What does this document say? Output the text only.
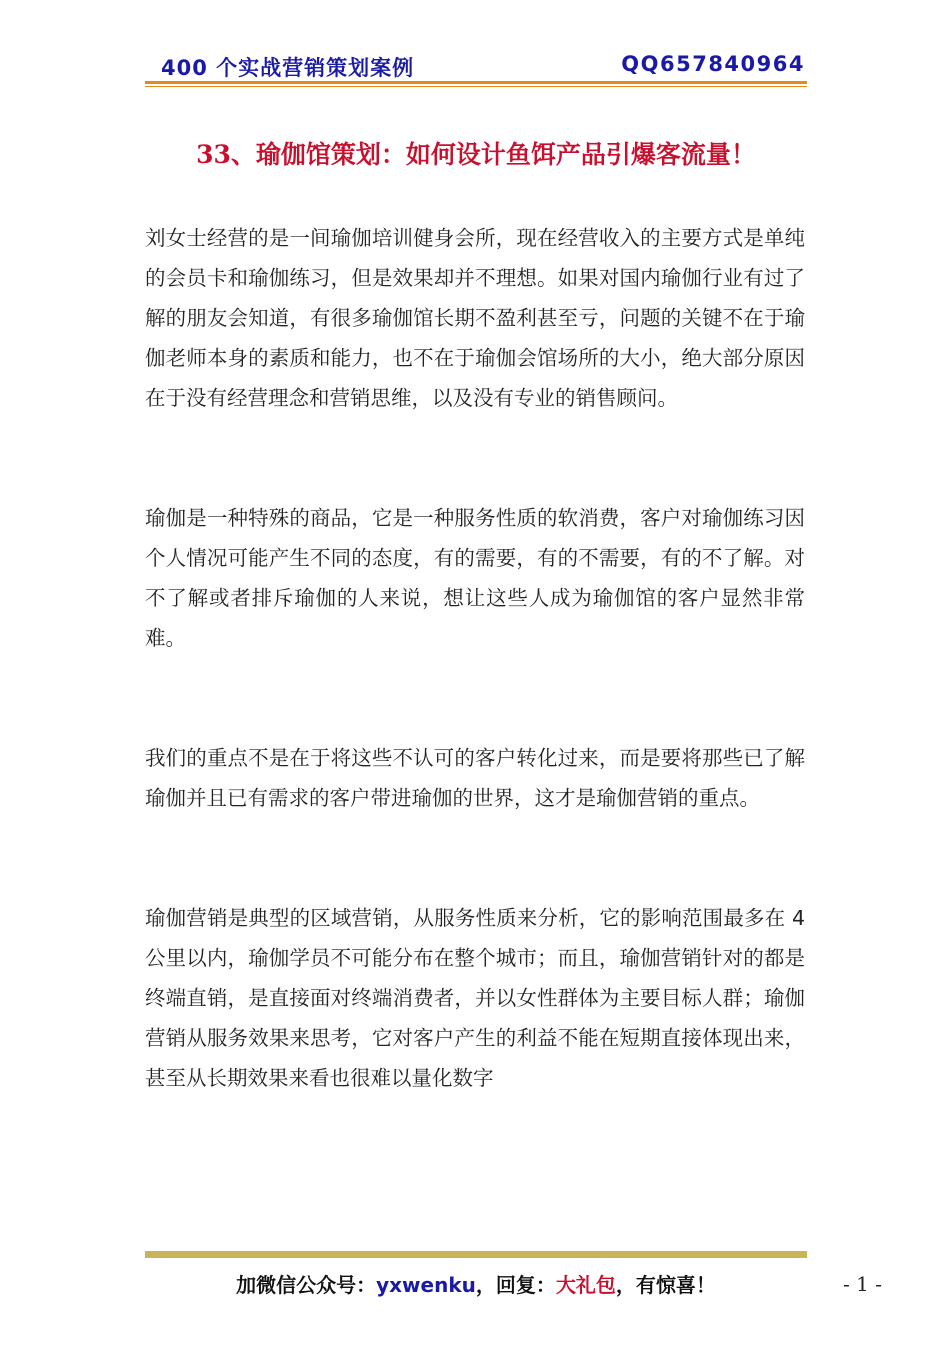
400 个实战营销策划案例	QQ657840964
33、瑜伽馆策划：如何设计鱼饵产品引爆客流量！

刘女士经营的是一间瑜伽培训健身会所，现在经营收入的主要方式是单纯的会员卡和瑜伽练习，但是效果却并不理想。如果对国内瑜伽行业有过了解的朋友会知道，有很多瑜伽馆长期不盈利甚至亏，问题的关键不在于瑜伽老师本身的素质和能力，也不在于瑜伽会馆场所的大小，绝大部分原因在于没有经营理念和营销思维，以及没有专业的销售顾问。

瑜伽是一种特殊的商品，它是一种服务性质的软消费，客户对瑜伽练习因个人情况可能产生不同的态度，有的需要，有的不需要，有的不了解。对不了解或者排斥瑜伽的人来说，想让这些人成为瑜伽馆的客户显然非常难。

我们的重点不是在于将这些不认可的客户转化过来，而是要将那些已了解瑜伽并且已有需求的客户带进瑜伽的世界，这才是瑜伽营销的重点。

瑜伽营销是典型的区域营销，从服务性质来分析，它的影响范围最多在 4 公里以内，瑜伽学员不可能分布在整个城市；而且，瑜伽营销针对的都是终端直销，是直接面对终端消费者，并以女性群体为主要目标人群；瑜伽营销从服务效果来思考，它对客户产生的利益不能在短期直接体现出来，甚至从长期效果来看也很难以量化数字

加微信公众号：yxwenku，回复：大礼包，有惊喜！	- 1 -
